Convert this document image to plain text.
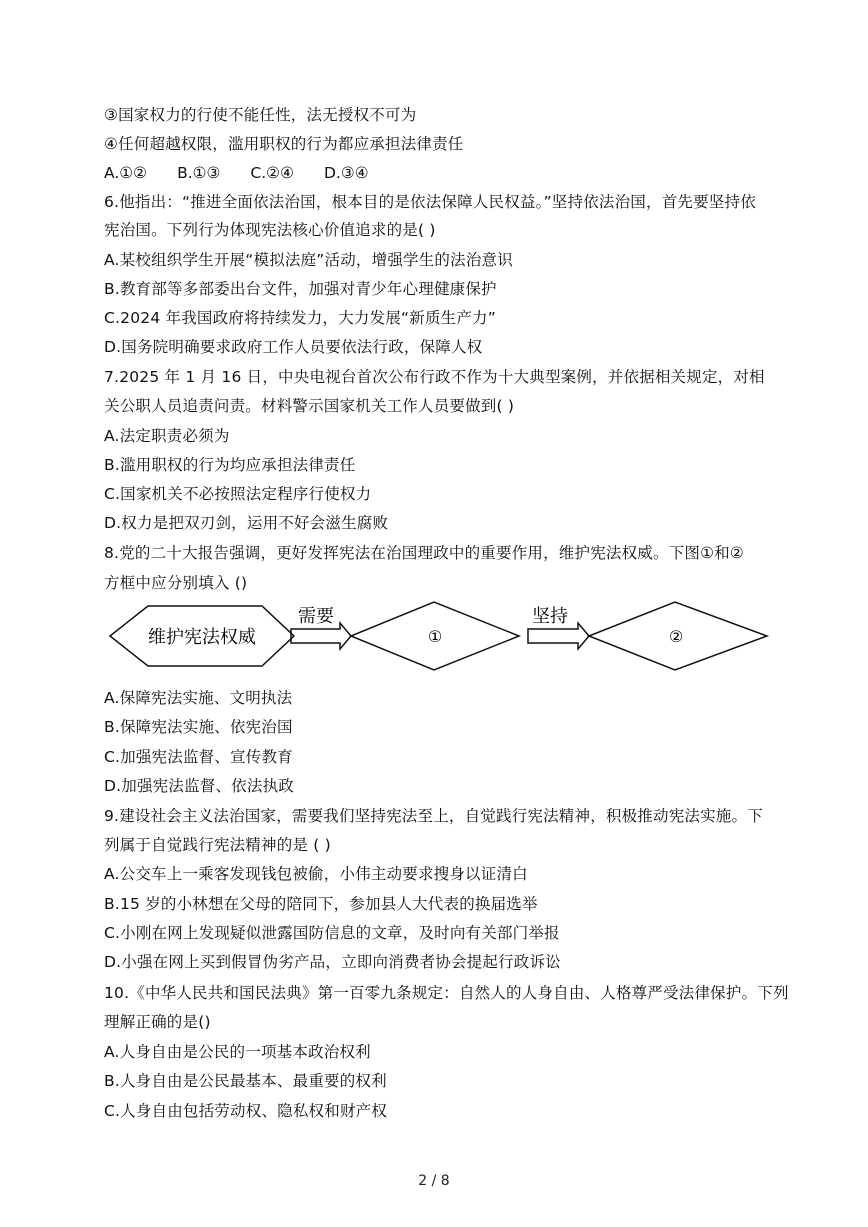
③国家权力的行使不能任性，法无授权不可为
④任何超越权限，滥用职权的行为都应承担法律责任
A.①② B.①③ C.②④ D.③④
6.他指出：“推进全面依法治国，根本目的是依法保障人民权益。”坚持依法治国，首先要坚持依
宪治国。下列行为体现宪法核心价值追求的是( )
A.某校组织学生开展“模拟法庭”活动，增强学生的法治意识
B.教育部等多部委出台文件，加强对青少年心理健康保护
C.2024 年我国政府将持续发力，大力发展“新质生产力”
D.国务院明确要求政府工作人员要依法行政，保障人权
7.2025 年 1 月 16 日，中央电视台首次公布行政不作为十大典型案例，并依据相关规定，对相
关公职人员追责问责。材料警示国家机关工作人员要做到( )
A.法定职责必须为
B.滥用职权的行为均应承担法律责任
C.国家机关不必按照法定程序行使权力
D.权力是把双刃剑，运用不好会滋生腐败
8.党的二十大报告强调，更好发挥宪法在治国理政中的重要作用，维护宪法权威。下图①和②
方框中应分别填入 ()
维护宪法权威
需要
①
坚持
②
A.保障宪法实施、文明执法
B.保障宪法实施、依宪治国
C.加强宪法监督、宣传教育
D.加强宪法监督、依法执政
9.建设社会主义法治国家，需要我们坚持宪法至上，自觉践行宪法精神，积极推动宪法实施。下
列属于自觉践行宪法精神的是 ( )
A.公交车上一乘客发现钱包被偷，小伟主动要求搜身以证清白
B.15 岁的小林想在父母的陪同下，参加县人大代表的换届选举
C.小刚在网上发现疑似泄露国防信息的文章，及时向有关部门举报
D.小强在网上买到假冒伪劣产品，立即向消费者协会提起行政诉讼
10.《中华人民共和国民法典》第一百零九条规定：自然人的人身自由、人格尊严受法律保护。下列
理解正确的是()
A.人身自由是公民的一项基本政治权利
B.人身自由是公民最基本、最重要的权利
C.人身自由包括劳动权、隐私权和财产权
2 / 8
